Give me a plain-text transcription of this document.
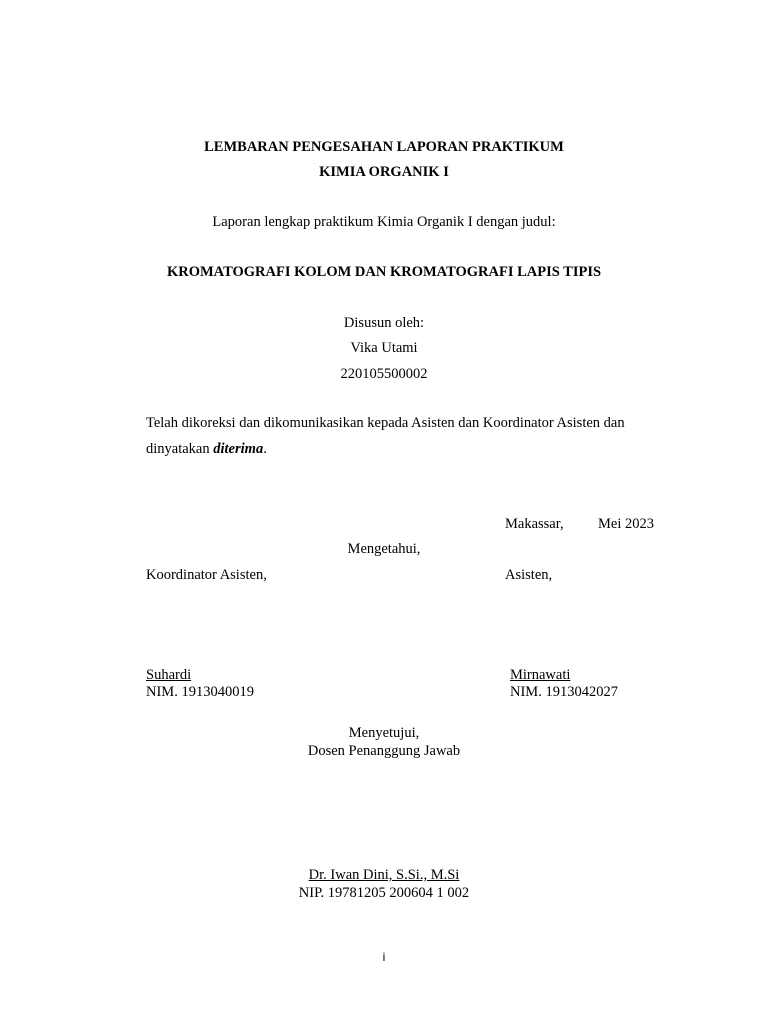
LEMBARAN PENGESAHAN LAPORAN PRAKTIKUM
KIMIA ORGANIK I
Laporan lengkap praktikum Kimia Organik I dengan judul:
KROMATOGRAFI KOLOM DAN KROMATOGRAFI LAPIS TIPIS
Disusun oleh:
Vika Utami
220105500002
Telah dikoreksi dan dikomunikasikan kepada Asisten dan Koordinator Asisten dan
dinyatakan diterima.
Makassar, Mei 2023
Mengetahui,
Koordinator Asisten,	Asisten,
Suhardi
NIM. 1913040019
Mirnawati
NIM. 1913042027
Menyetujui,
Dosen Penanggung Jawab
Dr. Iwan Dini, S.Si., M.Si
NIP. 19781205 200604 1 002
i
